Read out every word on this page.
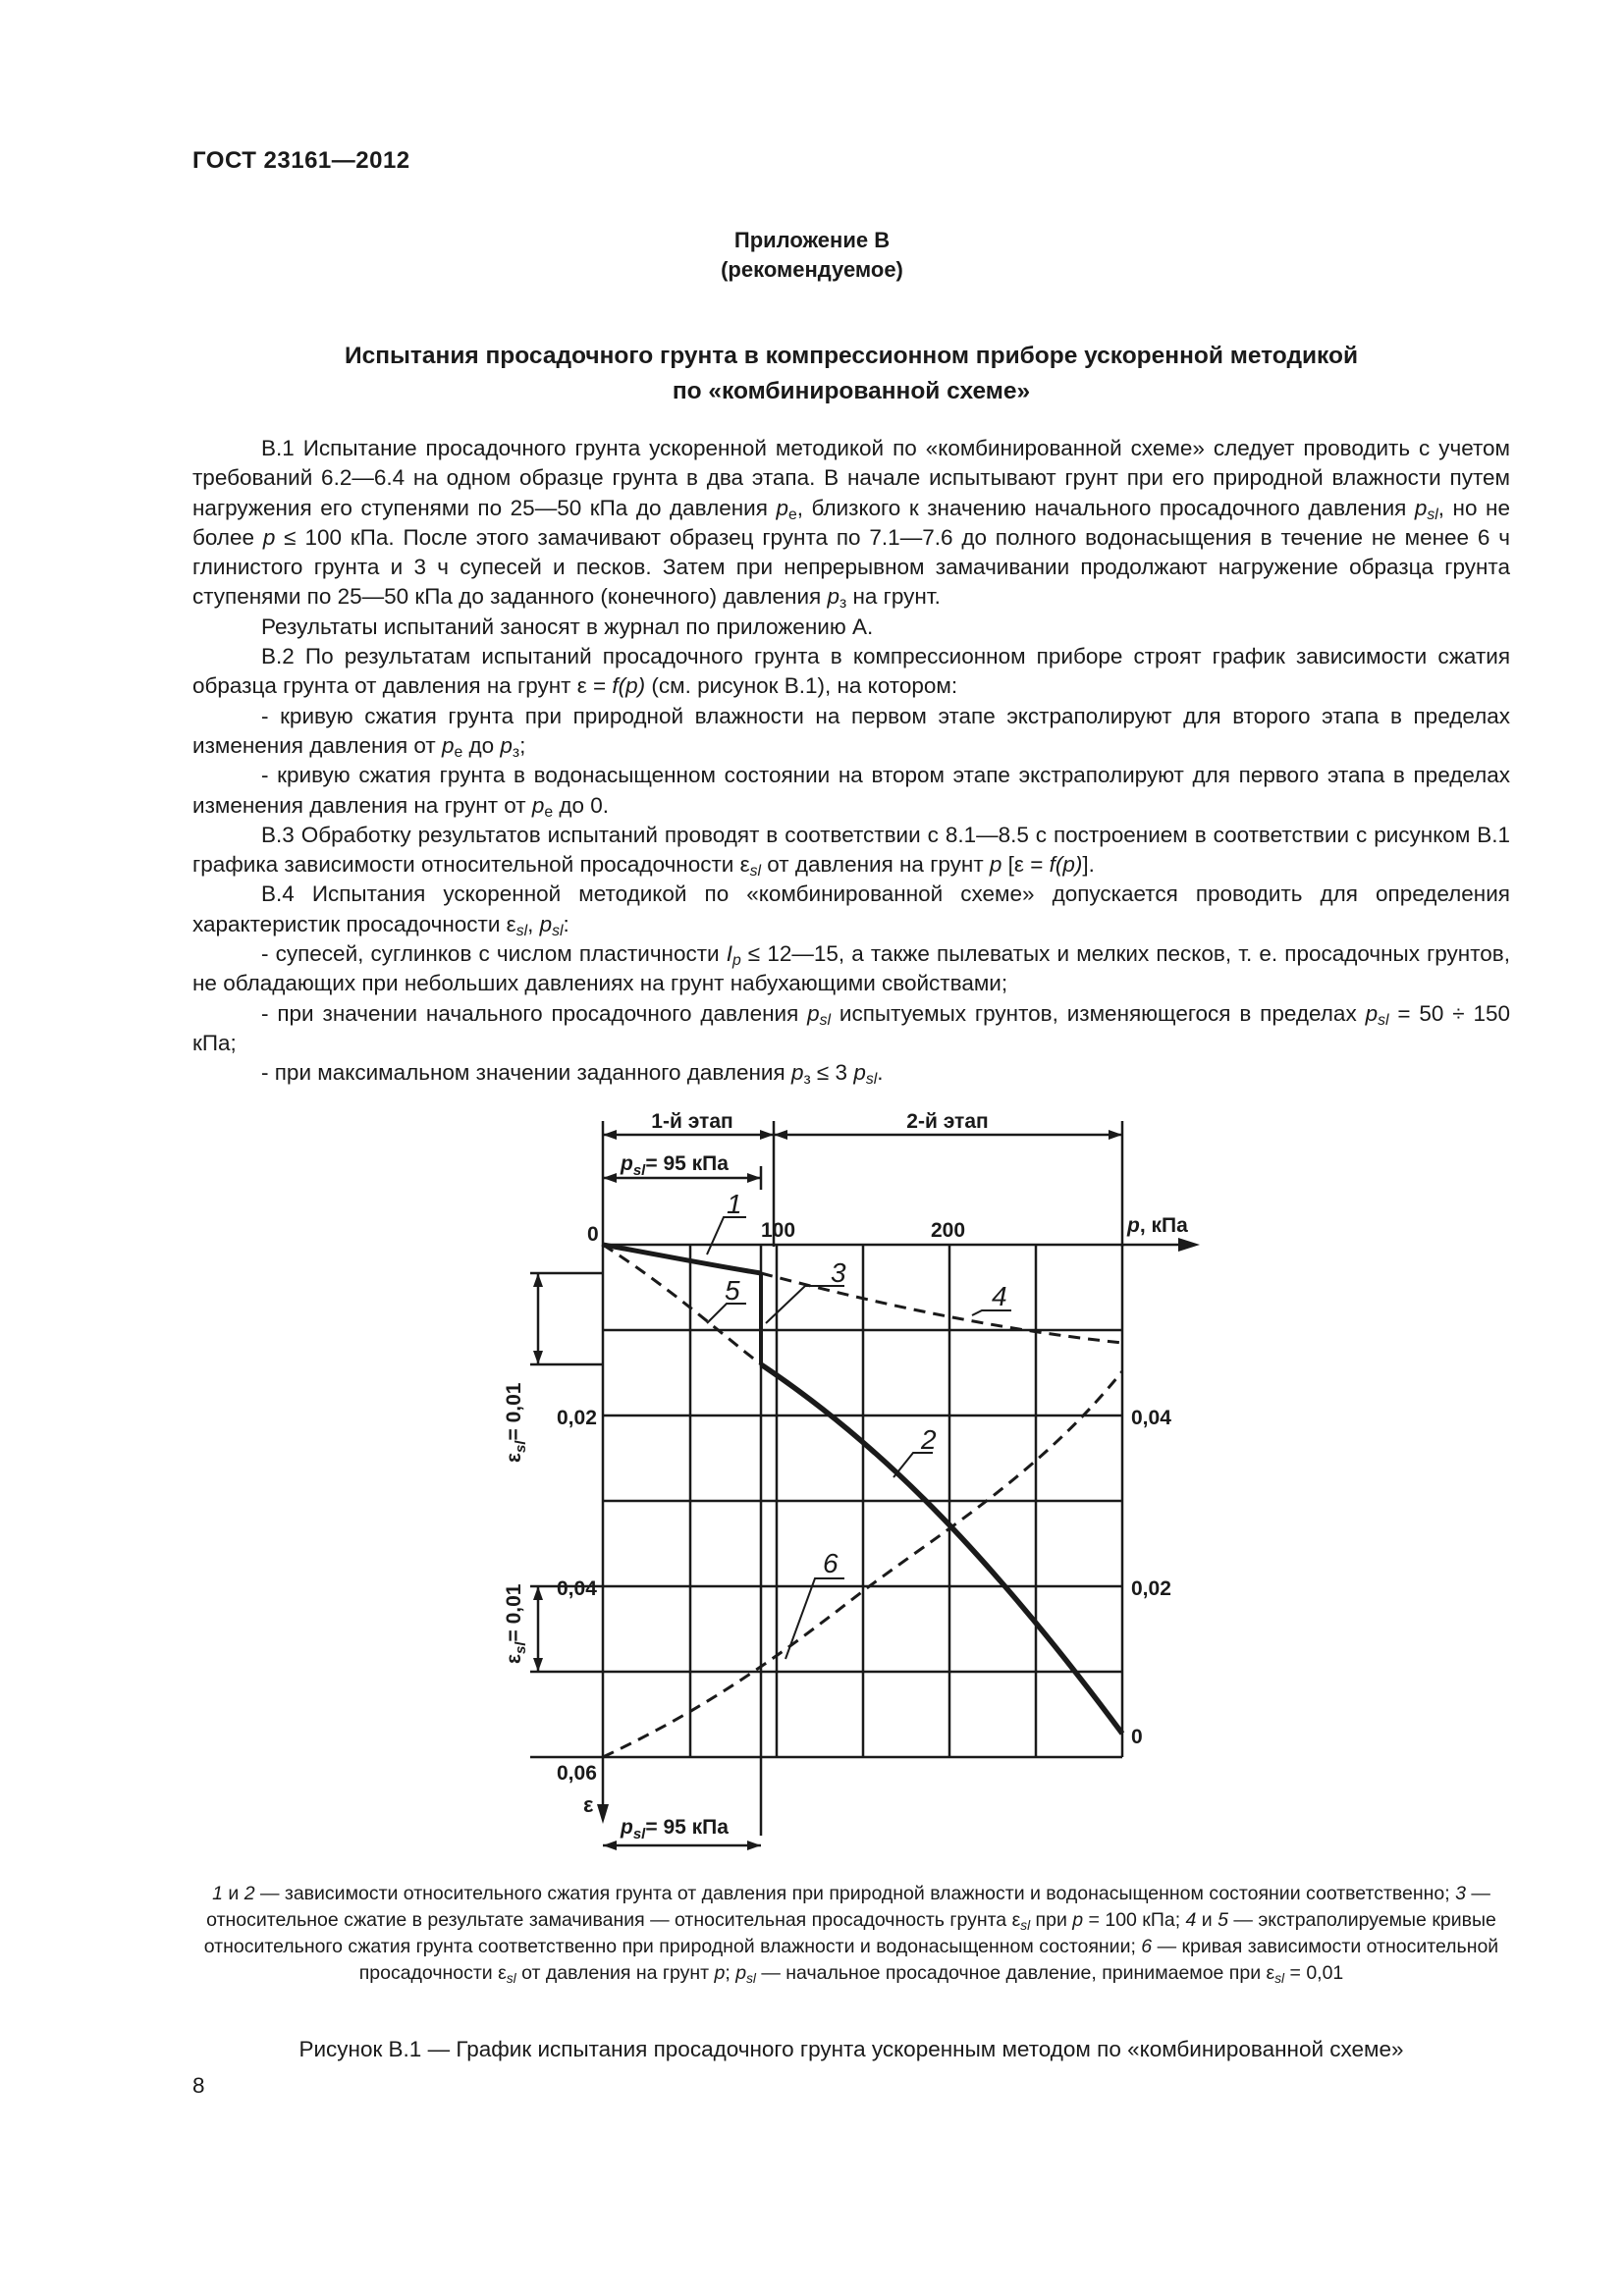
ГОСТ 23161—2012
Приложение В
(рекомендуемое)
Испытания просадочного грунта в компрессионном приборе ускоренной методикой
по «комбинированной схеме»

В.1 Испытание просадочного грунта ускоренной методикой по «комбинированной схеме» следует проводить с учетом требований 6.2—6.4 на одном образце грунта в два этапа. В начале испытывают грунт при его природной влажности путем нагружения его ступенями по 25—50 кПа до давления $p_e$, близкого к значению начального просадочного давления $p_{sl}$, но не более p ≤ 100 кПа. После этого замачивают образец грунта по 7.1—7.6 до полного водонасыщения в течение не менее 6 ч глинистого грунта и 3 ч супесей и песков. Затем при непрерывном замачивании продолжают нагружение образца грунта ступенями по 25—50 кПа до заданного (конечного) давления $p_з$ на грунт.

Результаты испытаний заносят в журнал по приложению А.

В.2 По результатам испытаний просадочного грунта в компрессионном приборе строят график зависимости сжатия образца грунта от давления на грунт ε = f(p) (см. рисунок В.1), на котором:

- кривую сжатия грунта при природной влажности на первом этапе экстраполируют для второго этапа в пределах изменения давления от $p_e$ до $p_з$;

- кривую сжатия грунта в водонасыщенном состоянии на втором этапе экстраполируют для первого этапа в пределах изменения давления на грунт от $p_e$ до 0.

В.3 Обработку результатов испытаний проводят в соответствии с 8.1—8.5 с построением в соответствии с рисунком В.1 графика зависимости относительной просадочности $\varepsilon_{sl}$ от давления на грунт p [ε = f(p)].

В.4 Испытания ускоренной методикой по «комбинированной схеме» допускается проводить для определения характеристик просадочности $\varepsilon_{sl}$, $p_{sl}$:

- супесей, суглинков с числом пластичности $I_p$ ≤ 12—15, а также пылеватых и мелких песков, т. е. просадочных грунтов, не обладающих при небольших давлениях на грунт набухающими свойствами;

- при значении начального просадочного давления $p_{sl}$ испытуемых грунтов, изменяющегося в пределах $p_{sl} = 50 \div 150$ кПа;

- при максимальном значении заданного давления $p_з \le 3$ $p_{sl}$.

1-й этап	2-й этап
$p_{sl}= 95$ кПа
0	100	200	p, кПа
0,02
0,04
0,06
0,04
0,02
0
ε
$\varepsilon_{sl}= 0,01$
$\varepsilon_{sl}= 0,01$
$p_{sl}= 95$ кПа
1
3
4
5
2
6
1 и 2 — зависимости относительного сжатия грунта от давления при природной влажности и водонасыщенном состоянии соответственно; 3 — относительное сжатие в результате замачивания — относительная просадочность грунта $\varepsilon_{sl}$ при p = 100 кПа; 4 и 5 — экстраполируемые кривые относительного сжатия грунта соответственно при природной влажности и водонасыщенном состоянии; 6 — кривая зависимости относительной просадочности $\varepsilon_{sl}$ от давления на грунт p; $p_{sl}$ — начальное просадочное давление, принимаемое при $\varepsilon_{sl} = 0,01$
Рисунок В.1 — График испытания просадочного грунта ускоренным методом по «комбинированной схеме»
8
